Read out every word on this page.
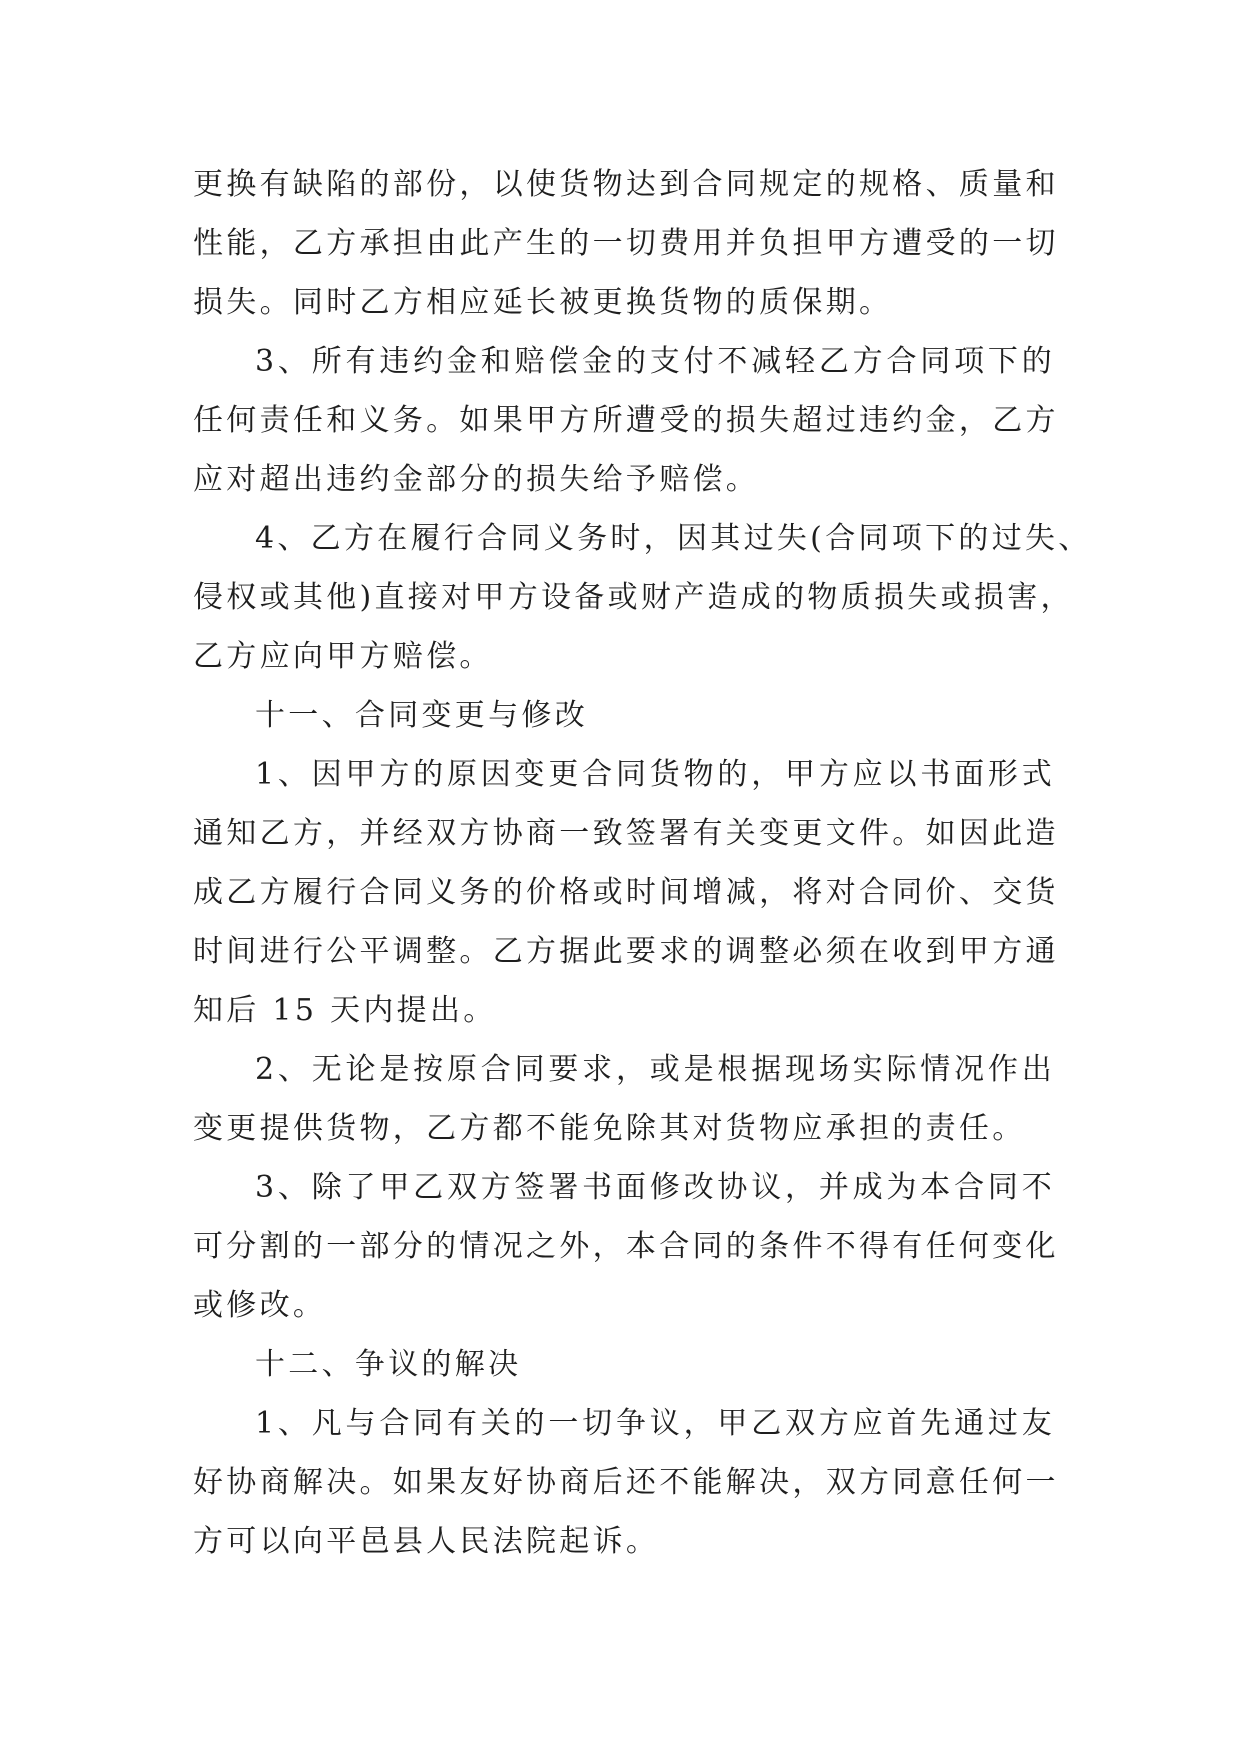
更换有缺陷的部份，以使货物达到合同规定的规格、质量和
性能，乙方承担由此产生的一切费用并负担甲方遭受的一切
损失。同时乙方相应延长被更换货物的质保期。
3、所有违约金和赔偿金的支付不减轻乙方合同项下的
任何责任和义务。如果甲方所遭受的损失超过违约金，乙方
应对超出违约金部分的损失给予赔偿。
4、乙方在履行合同义务时，因其过失(合同项下的过失、
侵权或其他)直接对甲方设备或财产造成的物质损失或损害，
乙方应向甲方赔偿。
十一、合同变更与修改
1、因甲方的原因变更合同货物的，甲方应以书面形式
通知乙方，并经双方协商一致签署有关变更文件。如因此造
成乙方履行合同义务的价格或时间增减，将对合同价、交货
时间进行公平调整。乙方据此要求的调整必须在收到甲方通
知后 15 天内提出。
2、无论是按原合同要求，或是根据现场实际情况作出
变更提供货物，乙方都不能免除其对货物应承担的责任。
3、除了甲乙双方签署书面修改协议，并成为本合同不
可分割的一部分的情况之外，本合同的条件不得有任何变化
或修改。
十二、争议的解决
1、凡与合同有关的一切争议，甲乙双方应首先通过友
好协商解决。如果友好协商后还不能解决，双方同意任何一
方可以向平邑县人民法院起诉。
